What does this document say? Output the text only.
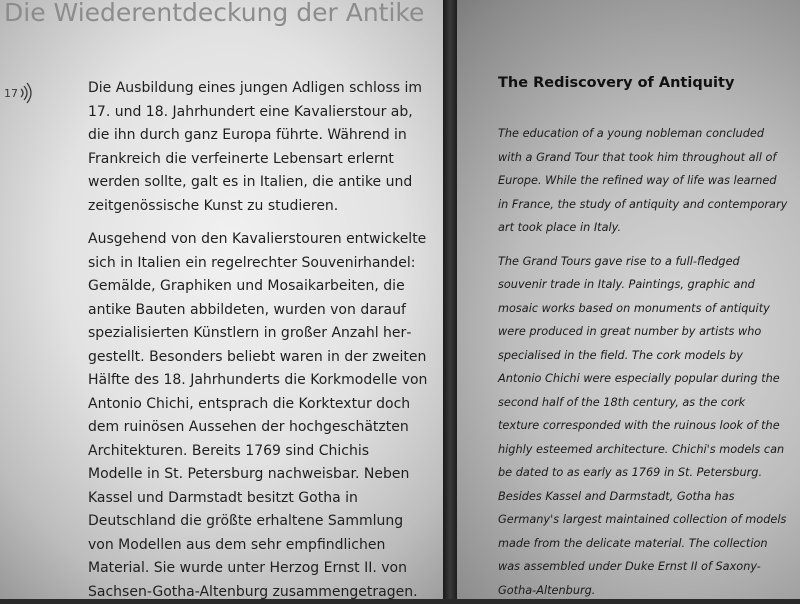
Die Wiederentdeckung der Antike
17	Die Ausbildung eines jungen Adligen schloss im 17. und 18. Jahrhundert eine Kavalierstour ab, die ihn durch ganz Europa führte. Während in Frankreich die verfeinerte Lebensart erlernt werden sollte, galt es in Italien, die antike und zeitgenössische Kunst zu studieren.

Ausgehend von den Kavalierstouren entwickelte sich in Italien ein regelrechter Souvenirhandel: Gemälde, Graphiken und Mosaikarbeiten, die antike Bauten abbildeten, wurden von darauf spezialisierten Künstlern in großer Anzahl hergestellt. Besonders beliebt waren in der zweiten Hälfte des 18. Jahrhunderts die Korkmodelle von Antonio Chichi, entsprach die Korktextur doch dem ruinösen Aussehen der hochgeschätzten Architekturen. Bereits 1769 sind Chichis Modelle in St. Petersburg nachweisbar. Neben Kassel und Darmstadt besitzt Gotha in Deutschland die größte erhaltene Sammlung von Modellen aus dem sehr empfindlichen Material. Sie wurde unter Herzog Ernst II. von Sachsen-Gotha-Altenburg zusammengetragen.

The Rediscovery of Antiquity

The education of a young nobleman concluded with a Grand Tour that took him throughout all of Europe. While the refined way of life was learned in France, the study of antiquity and contemporary art took place in Italy.

The Grand Tours gave rise to a full-fledged souvenir trade in Italy. Paintings, graphic and mosaic works based on monuments of antiquity were produced in great number by artists who specialised in the field. The cork models by Antonio Chichi were especially popular during the second half of the 18th century, as the cork texture corresponded with the ruinous look of the highly esteemed architecture. Chichi's models can be dated to as early as 1769 in St. Petersburg. Besides Kassel and Darmstadt, Gotha has Germany's largest maintained collection of models made from the delicate material. The collection was assembled under Duke Ernst II of Saxony-Gotha-Altenburg.
